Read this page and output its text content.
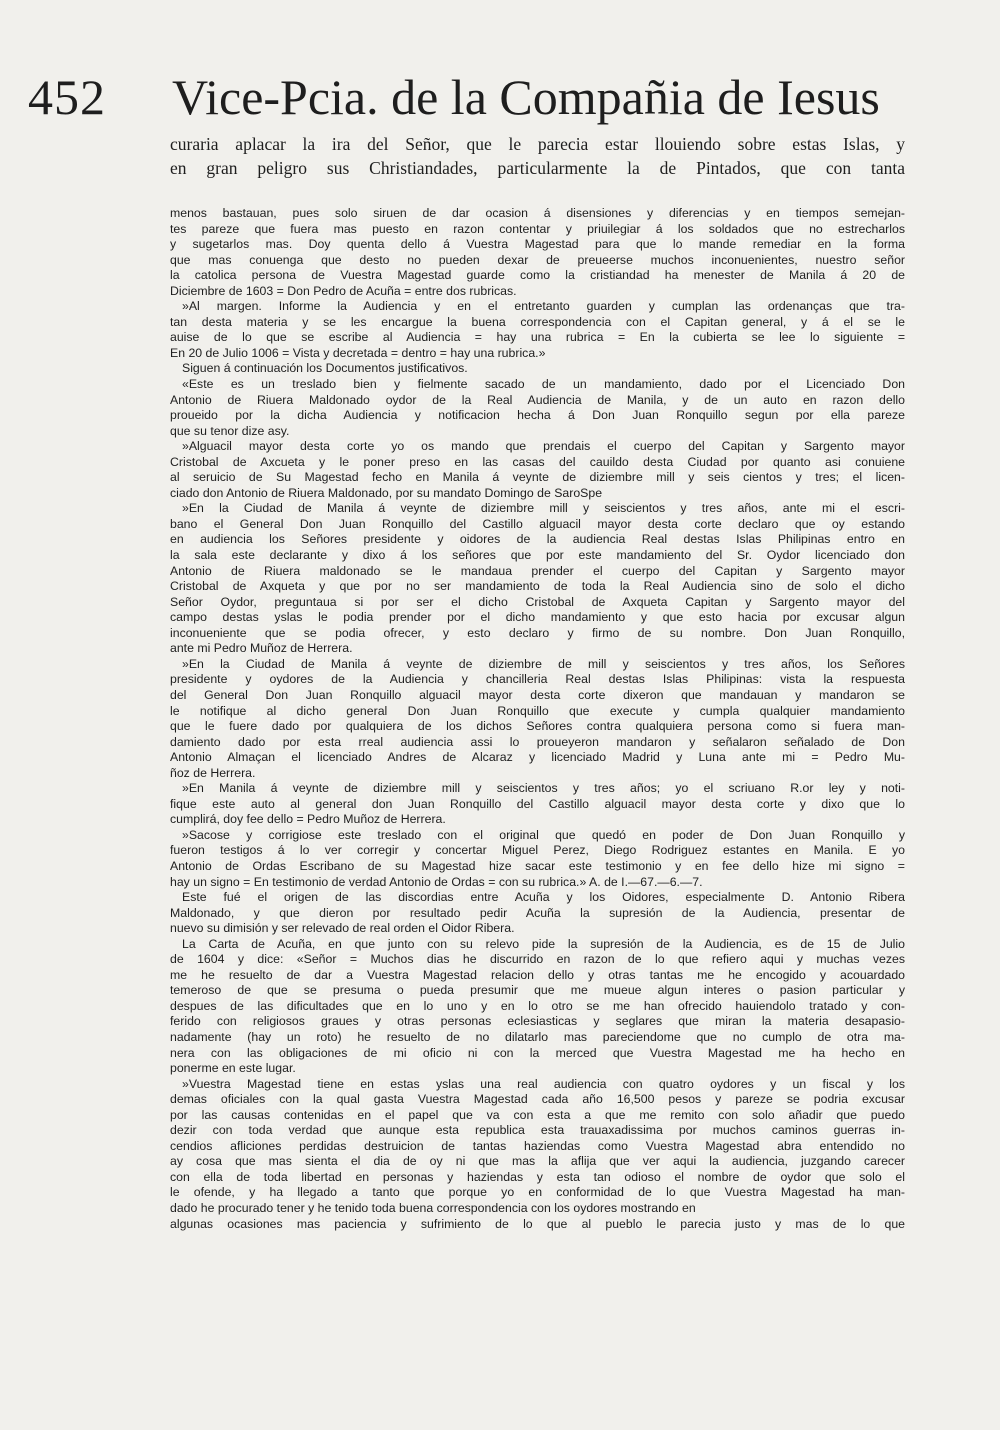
452 Vice-Pcia. de la Compañia de Iesus

curaria aplacar la ira del Señor, que le parecia estar llouiendo sobre estas Islas, y

en gran peligro sus Christiandades, particularmente la de Pintados, que con tanta

menos bastauan, pues solo siruen de dar ocasion á disensiones y diferencias y en tiempos semejan-

tes pareze que fuera mas puesto en razon contentar y priuilegiar á los soldados que no estrecharlos

y sugetarlos mas. Doy quenta dello á Vuestra Magestad para que lo mande remediar en la forma

que mas conuenga que desto no pueden dexar de preueerse muchos inconuenientes, nuestro señor

la catolica persona de Vuestra Magestad guarde como la cristiandad ha menester de Manila á 20 de

Diciembre de 1603 = Don Pedro de Acuña = entre dos rubricas.

»Al margen. Informe la Audiencia y en el entretanto guarden y cumplan las ordenanças que tra-

tan desta materia y se les encargue la buena correspondencia con el Capitan general, y á el se le

auise de lo que se escribe al Audiencia = hay una rubrica = En la cubierta se lee lo siguiente =

En 20 de Julio 1006 = Vista y decretada = dentro = hay una rubrica.»

Siguen á continuación los Documentos justificativos.

«Este es un treslado bien y fielmente sacado de un mandamiento, dado por el Licenciado Don

Antonio de Riuera Maldonado oydor de la Real Audiencia de Manila, y de un auto en razon dello

proueido por la dicha Audiencia y notificacion hecha á Don Juan Ronquillo segun por ella pareze

que su tenor dize asy.

»Alguacil mayor desta corte yo os mando que prendais el cuerpo del Capitan y Sargento mayor

Cristobal de Axcueta y le poner preso en las casas del cauildo desta Ciudad por quanto asi conuiene

al seruicio de Su Magestad fecho en Manila á veynte de diziembre mill y seis cientos y tres; el licen-

ciado don Antonio de Riuera Maldonado, por su mandato Domingo de SaroSpe

»En la Ciudad de Manila á veynte de diziembre mill y seiscientos y tres años, ante mi el escri-

bano el General Don Juan Ronquillo del Castillo alguacil mayor desta corte declaro que oy estando

en audiencia los Señores presidente y oidores de la audiencia Real destas Islas Philipinas entro en

la sala este declarante y dixo á los señores que por este mandamiento del Sr. Oydor licenciado don

Antonio de Riuera maldonado se le mandaua prender el cuerpo del Capitan y Sargento mayor

Cristobal de Axqueta y que por no ser mandamiento de toda la Real Audiencia sino de solo el dicho

Señor Oydor, preguntaua si por ser el dicho Cristobal de Axqueta Capitan y Sargento mayor del

campo destas yslas le podia prender por el dicho mandamiento y que esto hacia por excusar algun

inconueniente que se podia ofrecer, y esto declaro y firmo de su nombre. Don Juan Ronquillo,

ante mi Pedro Muñoz de Herrera.

»En la Ciudad de Manila á veynte de diziembre de mill y seiscientos y tres años, los Señores

presidente y oydores de la Audiencia y chancilleria Real destas Islas Philipinas: vista la respuesta

del General Don Juan Ronquillo alguacil mayor desta corte dixeron que mandauan y mandaron se

le notifique al dicho general Don Juan Ronquillo que execute y cumpla qualquier mandamiento

que le fuere dado por qualquiera de los dichos Señores contra qualquiera persona como si fuera man-

damiento dado por esta rreal audiencia assi lo proueyeron mandaron y señalaron señalado de Don

Antonio Almaçan el licenciado Andres de Alcaraz y licenciado Madrid y Luna ante mi = Pedro Mu-

ñoz de Herrera.

»En Manila á veynte de diziembre mill y seiscientos y tres años; yo el scriuano R.or ley y noti-

fique este auto al general don Juan Ronquillo del Castillo alguacil mayor desta corte y dixo que lo

cumplirá, doy fee dello = Pedro Muñoz de Herrera.

»Sacose y corrigiose este treslado con el original que quedó en poder de Don Juan Ronquillo y

fueron testigos á lo ver corregir y concertar Miguel Perez, Diego Rodriguez estantes en Manila. E yo

Antonio de Ordas Escribano de su Magestad hize sacar este testimonio y en fee dello hize mi signo =

hay un signo = En testimonio de verdad Antonio de Ordas = con su rubrica.» A. de I.—67.—6.—7.

Este fué el origen de las discordias entre Acuña y los Oidores, especialmente D. Antonio Ribera

Maldonado, y que dieron por resultado pedir Acuña la supresión de la Audiencia, presentar de

nuevo su dimisión y ser relevado de real orden el Oidor Ribera.

La Carta de Acuña, en que junto con su relevo pide la supresión de la Audiencia, es de 15 de Julio

de 1604 y dice: «Señor = Muchos dias he discurrido en razon de lo que refiero aqui y muchas vezes

me he resuelto de dar a Vuestra Magestad relacion dello y otras tantas me he encogido y acouardado

temeroso de que se presuma o pueda presumir que me mueue algun interes o pasion particular y

despues de las dificultades que en lo uno y en lo otro se me han ofrecido hauiendolo tratado y con-

ferido con religiosos graues y otras personas eclesiasticas y seglares que miran la materia desapasio-

nadamente (hay un roto) he resuelto de no dilatarlo mas pareciendome que no cumplo de otra ma-

nera con las obligaciones de mi oficio ni con la merced que Vuestra Magestad me ha hecho en

ponerme en este lugar.

»Vuestra Magestad tiene en estas yslas una real audiencia con quatro oydores y un fiscal y los

demas oficiales con la qual gasta Vuestra Magestad cada año 16,500 pesos y pareze se podria excusar

por las causas contenidas en el papel que va con esta a que me remito con solo añadir que puedo

dezir con toda verdad que aunque esta republica esta trauaxadissima por muchos caminos guerras in-

cendios afliciones perdidas destruicion de tantas haziendas como Vuestra Magestad abra entendido no

ay cosa que mas sienta el dia de oy ni que mas la aflija que ver aqui la audiencia, juzgando carecer

con ella de toda libertad en personas y haziendas y esta tan odioso el nombre de oydor que solo el

le ofende, y ha llegado a tanto que porque yo en conformidad de lo que Vuestra Magestad ha man-

dado he procurado tener y he tenido toda buena correspondencia con los oydores mostrando en

algunas ocasiones mas paciencia y sufrimiento de lo que al pueblo le parecia justo y mas de lo que
